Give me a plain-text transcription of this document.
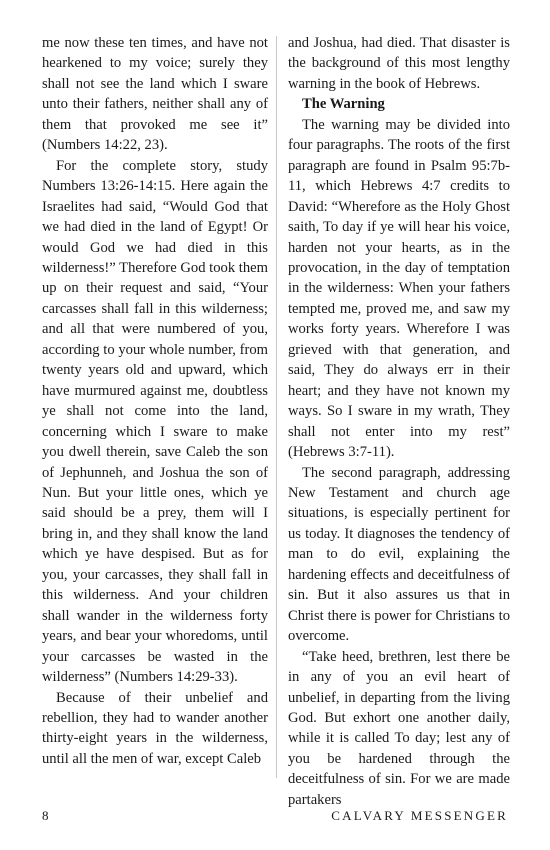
me now these ten times, and have not hearkened to my voice; surely they shall not see the land which I sware unto their fathers, neither shall any of them that provoked me see it” (Numbers 14:22, 23).

For the complete story, study Numbers 13:26-14:15. Here again the Israelites had said, “Would God that we had died in the land of Egypt! Or would God we had died in this wilderness!” Therefore God took them up on their request and said, “Your carcasses shall fall in this wilderness; and all that were numbered of you, according to your whole number, from twenty years old and upward, which have murmured against me, doubtless ye shall not come into the land, concerning which I sware to make you dwell therein, save Caleb the son of Jephunneh, and Joshua the son of Nun. But your little ones, which ye said should be a prey, them will I bring in, and they shall know the land which ye have despised. But as for you, your carcasses, they shall fall in this wilderness. And your children shall wander in the wilderness forty years, and bear your whoredoms, until your carcasses be wasted in the wilderness” (Numbers 14:29-33).

Because of their unbelief and rebellion, they had to wander another thirty-eight years in the wilderness, until all the men of war, except Caleb

and Joshua, had died. That disaster is the background of this most lengthy warning in the book of Hebrews.

The Warning

The warning may be divided into four paragraphs. The roots of the first paragraph are found in Psalm 95:7b-11, which Hebrews 4:7 credits to David: “Wherefore as the Holy Ghost saith, To day if ye will hear his voice, harden not your hearts, as in the provocation, in the day of temptation in the wilderness: When your fathers tempted me, proved me, and saw my works forty years. Wherefore I was grieved with that generation, and said, They do always err in their heart; and they have not known my ways. So I sware in my wrath, They shall not enter into my rest” (Hebrews 3:7-11).

The second paragraph, addressing New Testament and church age situations, is especially pertinent for us today. It diagnoses the tendency of man to do evil, explaining the hardening effects and deceitfulness of sin. But it also assures us that in Christ there is power for Christians to overcome.

“Take heed, brethren, lest there be in any of you an evil heart of unbelief, in departing from the living God. But exhort one another daily, while it is called To day; lest any of you be hardened through the deceitfulness of sin. For we are made partakers

8	CALVARY MESSENGER
